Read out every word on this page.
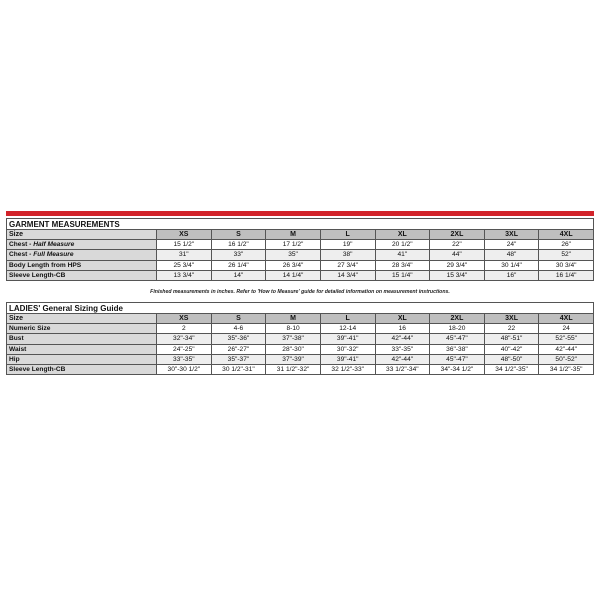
GARMENT MEASUREMENTS								
Size	XS	S	M	L	XL	2XL	3XL	4XL
Chest - Half Measure	15 1/2"	16 1/2"	17 1/2"	19"	20 1/2"	22"	24"	26"
Chest - Full Measure	31"	33"	35"	38"	41"	44"	48"	52"
Body Length from HPS	25 3/4"	26 1/4"	26 3/4"	27 3/4"	28 3/4"	29 3/4"	30 1/4"	30 3/4"
Sleeve Length-CB	13 3/4"	14"	14 1/4"	14 3/4"	15 1/4"	15 3/4"	16"	16 1/4"
Finished measurements in inches. Refer to 'How to Measure' guide for detailed information on measurement instructions.
LADIES' General Sizing Guide								
Size	XS	S	M	L	XL	2XL	3XL	4XL
Numeric Size	2	4-6	8-10	12-14	16	18-20	22	24
Bust	32"-34"	35"-36"	37"-38"	39"-41"	42"-44"	45"-47"	48"-51"	52"-55"
Waist	24"-25"	26"-27"	28"-30"	30"-32"	33"-35"	36"-38"	40"-42"	42"-44"
Hip	33"-35"	35"-37"	37"-39"	39"-41"	42"-44"	45"-47"	48"-50"	50"-52"
Sleeve Length-CB	30"-30 1/2"	30 1/2"-31"	31 1/2"-32"	32 1/2"-33"	33 1/2"-34"	34"-34 1/2"	34 1/2"-35"	34 1/2"-35"
